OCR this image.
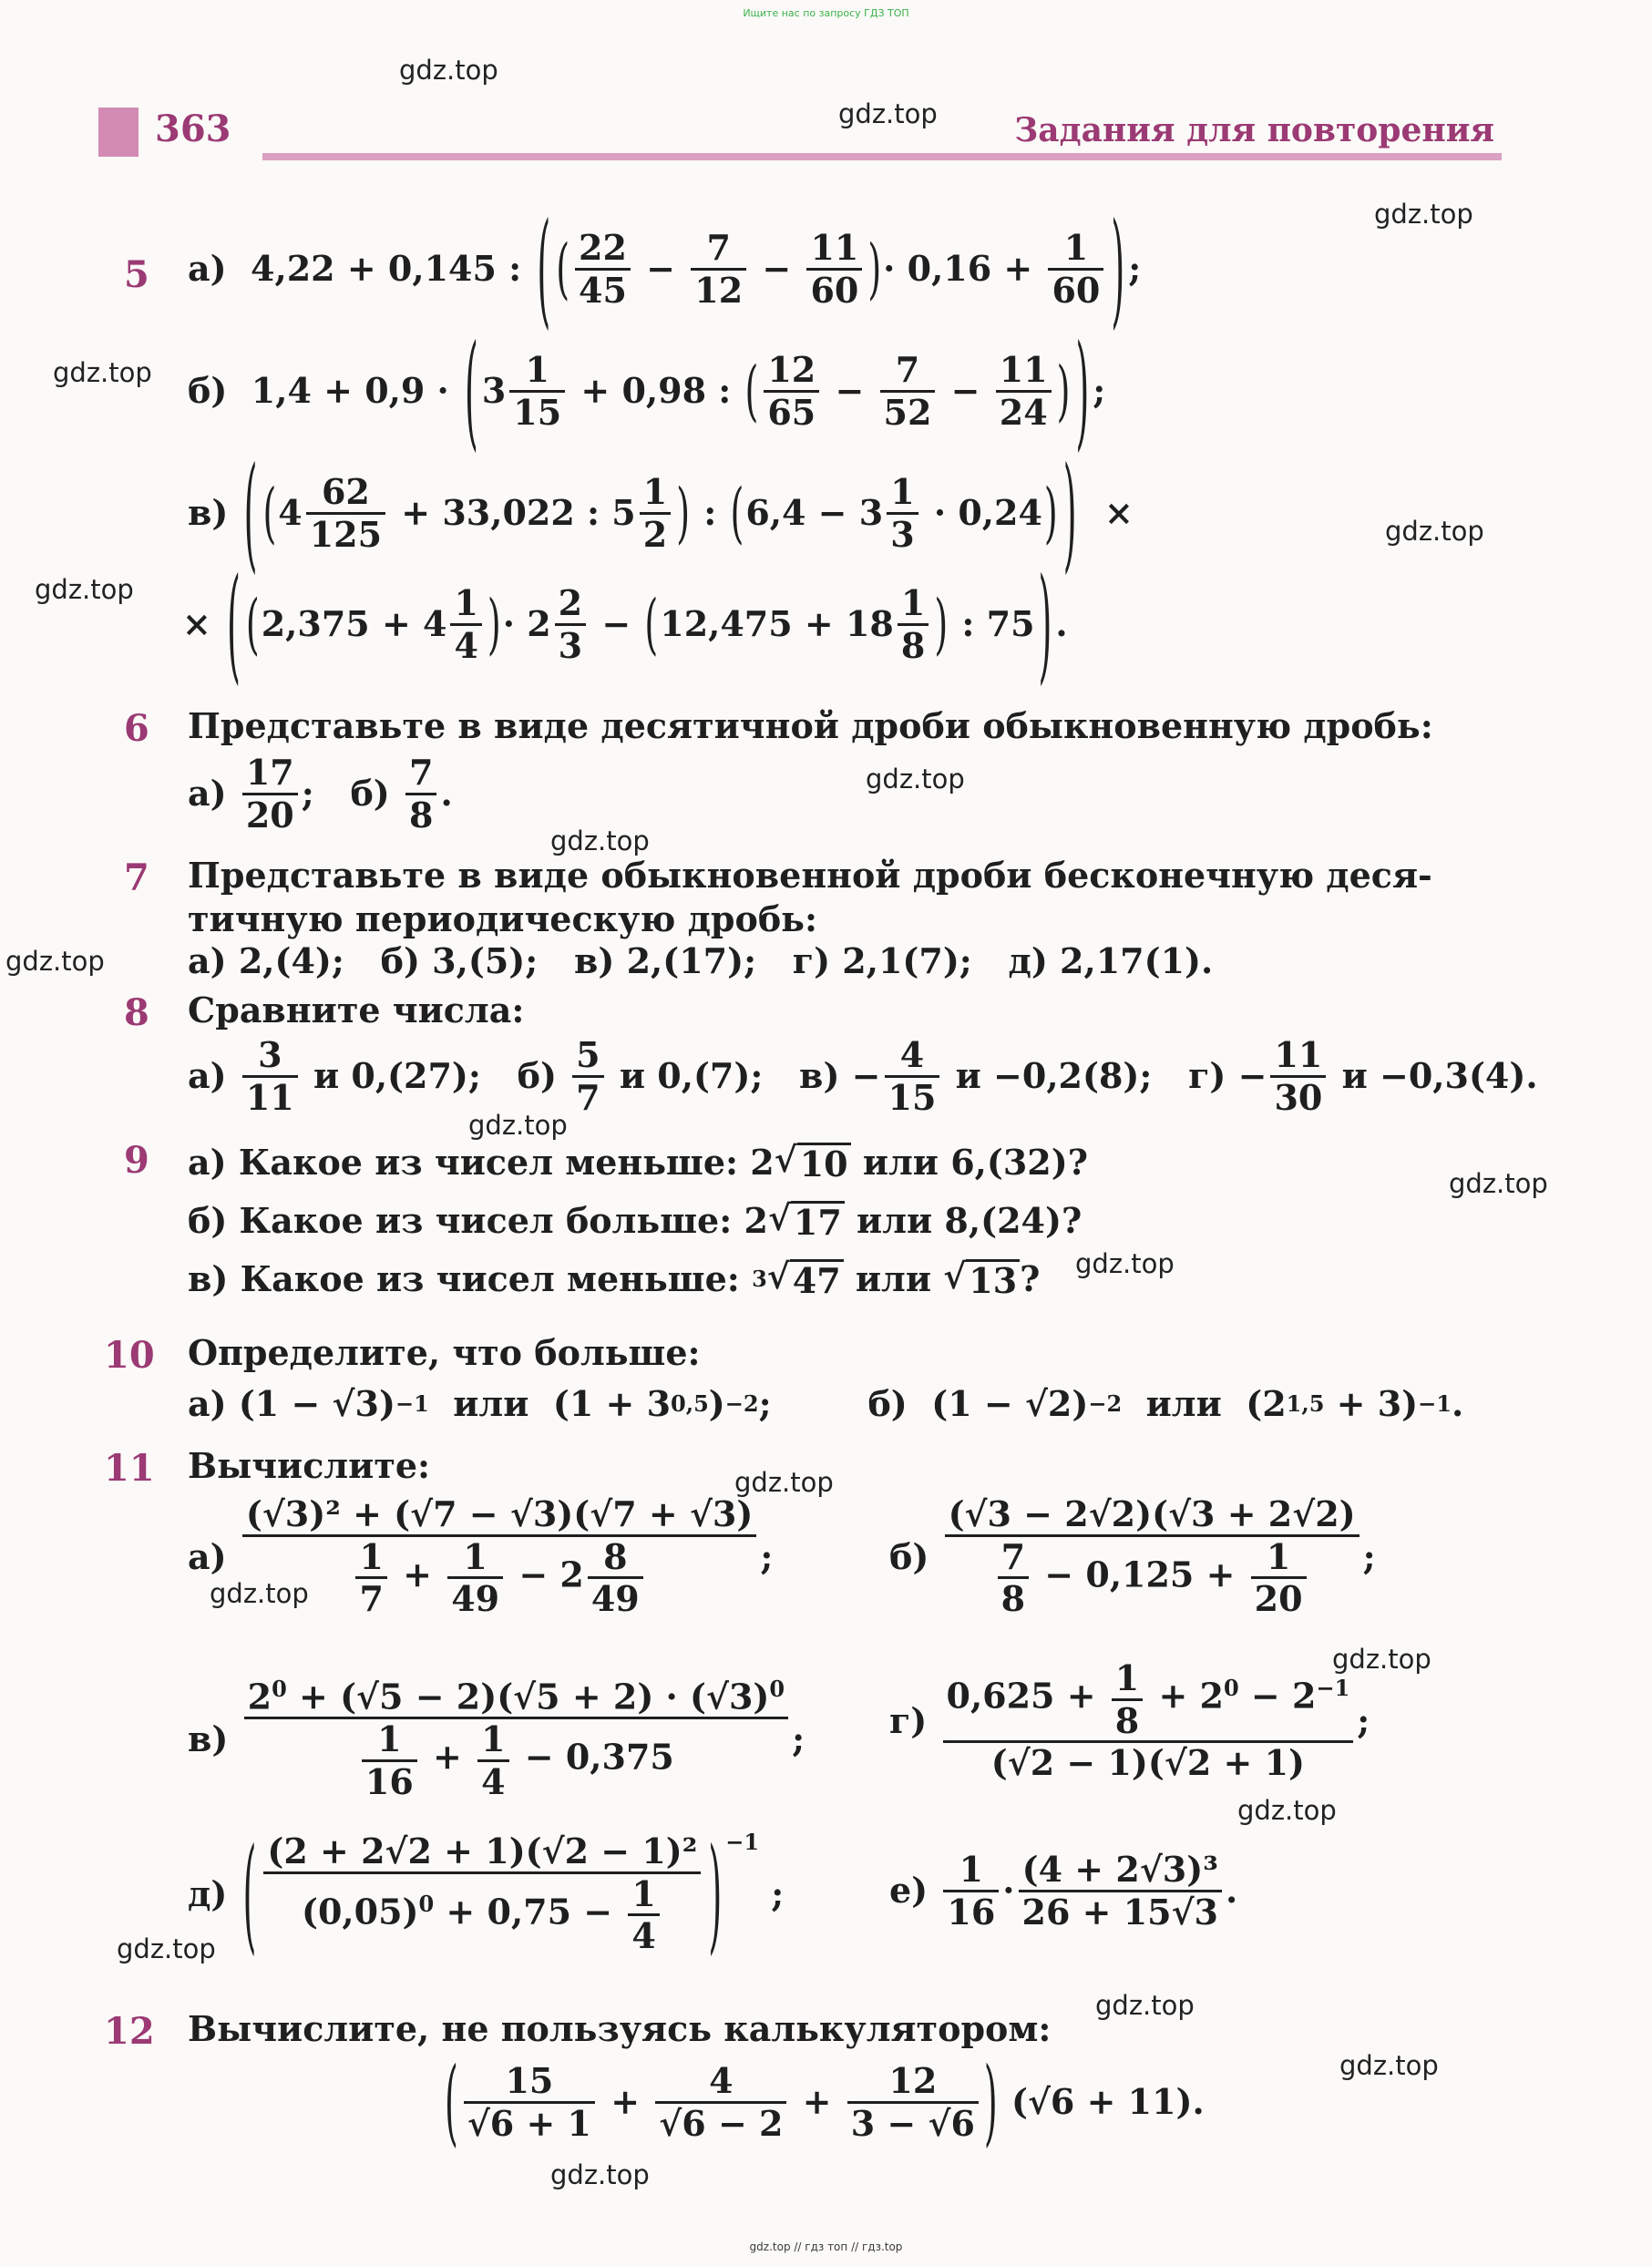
Ищите нас по запросу ГДЗ ТОП
363	Задания для повторения
gdz.top
gdz.top
gdz.top
gdz.top
gdz.top
gdz.top
gdz.top
gdz.top
gdz.top
gdz.top
gdz.top
gdz.top
gdz.top
gdz.top
gdz.top
gdz.top
gdz.top
gdz.top
gdz.top
gdz.top
5 а)  4,22 + 0,145 : ( ( $\frac{22}{45} - \frac{7}{12} - \frac{11}{60}$ ) · $0,16 + \frac{1}{60}$ ) ;
б)  1,4 + 0,9 · ( $3 \frac{1}{15} + 0,98$ : ( $\frac{12}{65} - \frac{7}{52} - \frac{11}{24}$ ) ) ;
в) ( ( $4 \frac{62}{125} + 33,022$ : $5 \frac{1}{2}$ ) : ( $6,4 - 3 \frac{1}{3} \cdot 0,24$ ) ) ×
× ( ( $2,375 + 4 \frac{1}{4}$ ) · $2 \frac{2}{3}$ − ( $12,475 + 18 \frac{1}{8}$ ) : 75 ) .
6 Представьте в виде десятичной дроби обыкновенную дробь:
$а) \frac{17}{20}$ ;   $б) \frac{7}{8}$ .
7 Представьте в виде обыкновенной дроби бесконечную деся-
тичную периодическую дробь:
а) 2,(4);   б) 3,(5);   в) 2,(17);   г) 2,1(7);   д) 2,17(1).
8 Сравните числа:
$а) \frac{3}{11}$ и 0,(27);   $б) \frac{5}{7}$ и 0,(7);   $в) - \frac{4}{15}$ и −0,2(8);   $г) - \frac{11}{30}$ и −0,3(4).
9 а) Какое из чисел меньше: 2 √ 10 или 6,(32)?
б) Какое из чисел больше: 2 √ 17 или 8,(24)?
в) Какое из чисел меньше: 3 √ 47 или √ 13 ?
10 Определите, что больше:
а) (1 − √3) −1 или  (1 + 3 0,5 ) −2 ;        б)  (1 − √2) −2 или  (2 1,5 + 3) −1 .
11 Вычислите:
$а) \frac{\text{(√3)² + (√7 − √3)(√7 + √3)}}{\frac{1}{7} + \frac{1}{49} - 2 \frac{8}{49}}$ ;	$б) \frac{(√3 - 2√2)(√3 + 2√2)}{\frac{7}{8} - 0,125 + \frac{1}{20}}$ ;
$в) \frac{2^0 + (√5 - 2)(√5 + 2) \cdot (√3)^0}{\frac{1}{16} + \frac{1}{4} - 0,375}$ ; $г) \frac{0,625 + \frac{1}{8} + 2^0 - 2^{-1}}{(√2 - 1)(√2 + 1)}$ ;
д) ( $\frac{\text{(2 + 2√2 + 1)(√2 − 1)²}}{(0,05)^0 + 0,75 - \frac{1}{4}} )^{-1}$
;	$е) \frac{1}{16} \cdot \frac{\text{(4 + 2√3)³}}{26 + 15√3}$ .
12 Вычислите, не пользуясь калькулятором:
( $\frac{15}{√6 + 1} + \frac{4}{√6 - 2} + \frac{12}{3 - √6}$ ) (√6 + 11).
gdz.top // гдз топ // гдз.top
